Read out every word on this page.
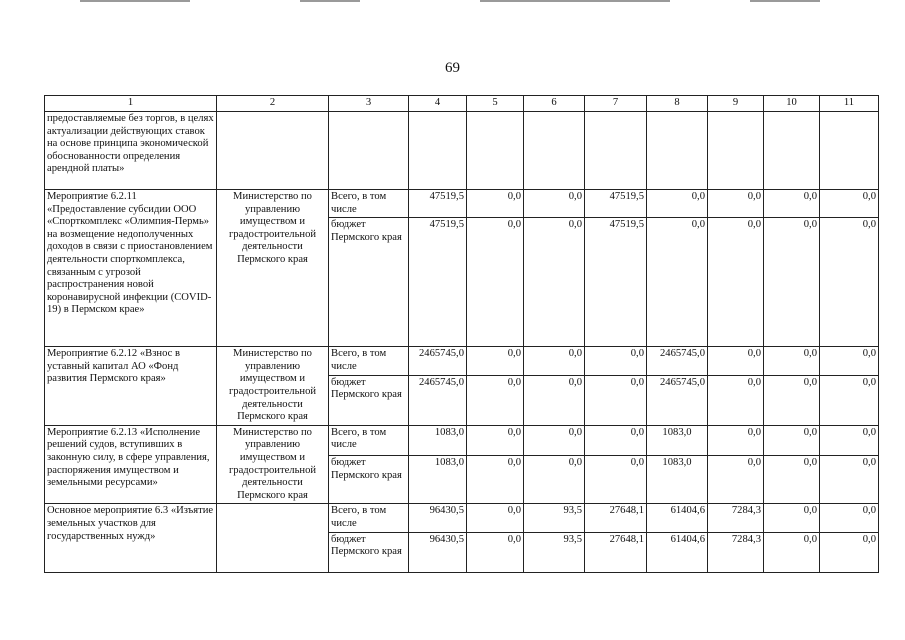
69
1	2	3	4	5	6	7	8	9	10	11
предоставляемые без торгов, в целях актуализации действующих ставок на основе принципа экономической обоснованности определения арендной платы»										
Мероприятие 6.2.11 «Предоставление субсидии ООО «Спорткомплекс «Олимпия-Пермь» на возмещение недополученных доходов в связи с приостановлением деятельности спорткомплекса, связанным с угрозой распространения новой коронавирусной инфекции (COVID-19) в Пермском крае»	Министерство по управлению имуществом и градостроительной деятельности Пермского края	Всего, в том числе	47519,5	0,0	0,0	47519,5	0,0	0,0	0,0	0,0
		бюджет Пермского края	47519,5	0,0	0,0	47519,5	0,0	0,0	0,0	0,0
Мероприятие 6.2.12 «Взнос в уставный капитал АО «Фонд развития Пермского края»	Министерство по управлению имуществом и градостроительной деятельности Пермского края	Всего, в том числе	2465745,0	0,0	0,0	0,0	2465745,0	0,0	0,0	0,0
		бюджет Пермского края	2465745,0	0,0	0,0	0,0	2465745,0	0,0	0,0	0,0
Мероприятие 6.2.13 «Исполнение решений судов, вступивших в законную силу, в сфере управления, распоряжения имуществом и земельными ресурсами»	Министерство по управлению имуществом и градостроительной деятельности Пермского края	Всего, в том числе	1083,0	0,0	0,0	0,0	1083,0	0,0	0,0	0,0
		бюджет Пермского края	1083,0	0,0	0,0	0,0	1083,0	0,0	0,0	0,0
Основное мероприятие 6.3 «Изъятие земельных участков для государственных нужд»		Всего, в том числе	96430,5	0,0	93,5	27648,1	61404,6	7284,3	0,0	0,0
		бюджет Пермского края	96430,5	0,0	93,5	27648,1	61404,6	7284,3	0,0	0,0
